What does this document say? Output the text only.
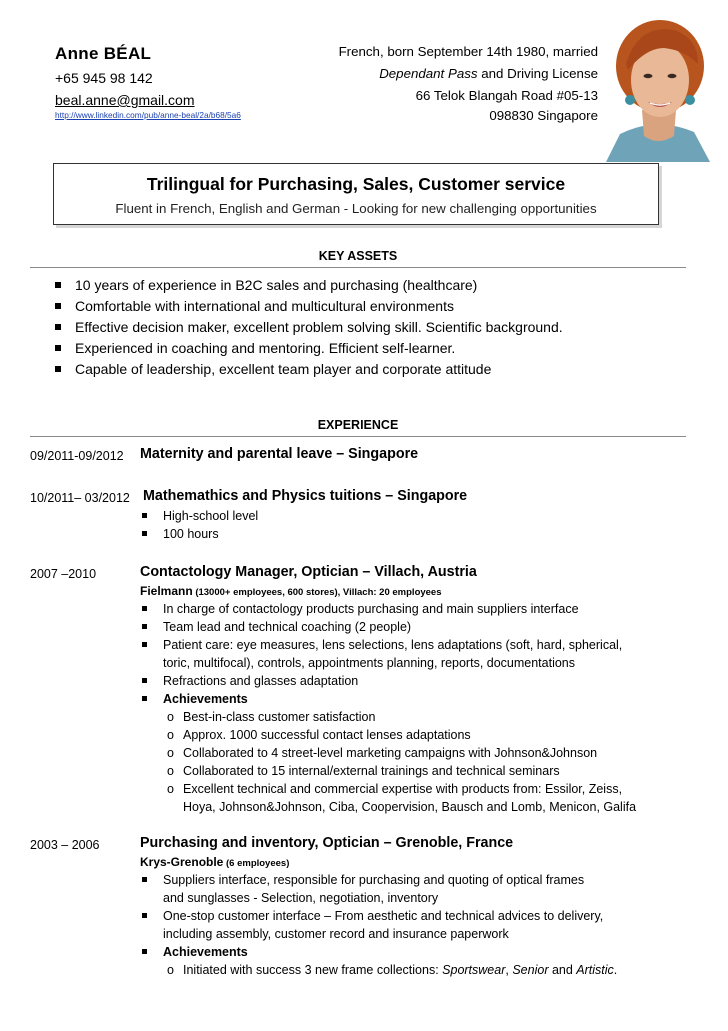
Anne BÉAL
+65 945 98 142
beal.anne@gmail.com
http://www.linkedin.com/pub/anne-beal/2a/b68/5a6
French, born September 14th 1980, married
Dependant Pass and Driving License
66 Telok Blangah Road #05-13
098830 Singapore
Trilingual for Purchasing, Sales, Customer service
Fluent in French, English and German - Looking for new challenging opportunities
KEY ASSETS
10 years of experience in B2C sales and purchasing (healthcare)
Comfortable with international and multicultural environments
Effective decision maker, excellent problem solving skill. Scientific background.
Experienced in coaching and mentoring. Efficient self-learner.
Capable of leadership, excellent team player and corporate attitude
EXPERIENCE
09/2011-09/2012 Maternity and parental leave – Singapore
10/2011– 03/2012 Mathemathics and Physics tuitions – Singapore
High-school level
100 hours
2007 –2010	Contactology Manager, Optician – Villach, Austria
Fielmann (13000+ employees, 600 stores), Villach: 20 employees
In charge of contactology products purchasing and main suppliers interface
Team lead and technical coaching (2 people)
Patient care: eye measures, lens selections, lens adaptations (soft, hard, spherical,
toric, multifocal), controls, appointments planning, reports, documentations
Refractions and glasses adaptation
Achievements
o Best-in-class customer satisfaction
o Approx. 1000 successful contact lenses adaptations
o Collaborated to 4 street-level marketing campaigns with Johnson&Johnson
o Collaborated to 15 internal/external trainings and technical seminars
o Excellent technical and commercial expertise with products from: Essilor, Zeiss,
Hoya, Johnson&Johnson, Ciba, Coopervision, Bausch and Lomb, Menicon, Galifa
2003 – 2006	Purchasing and inventory, Optician – Grenoble, France
Krys-Grenoble (6 employees)
Suppliers interface, responsible for purchasing and quoting of optical frames
and sunglasses - Selection, negotiation, inventory
One-stop customer interface – From aesthetic and technical advices to delivery,
including assembly, customer record and insurance paperwork
Achievements
o Initiated with success 3 new frame collections: Sportswear, Senior and Artistic.
